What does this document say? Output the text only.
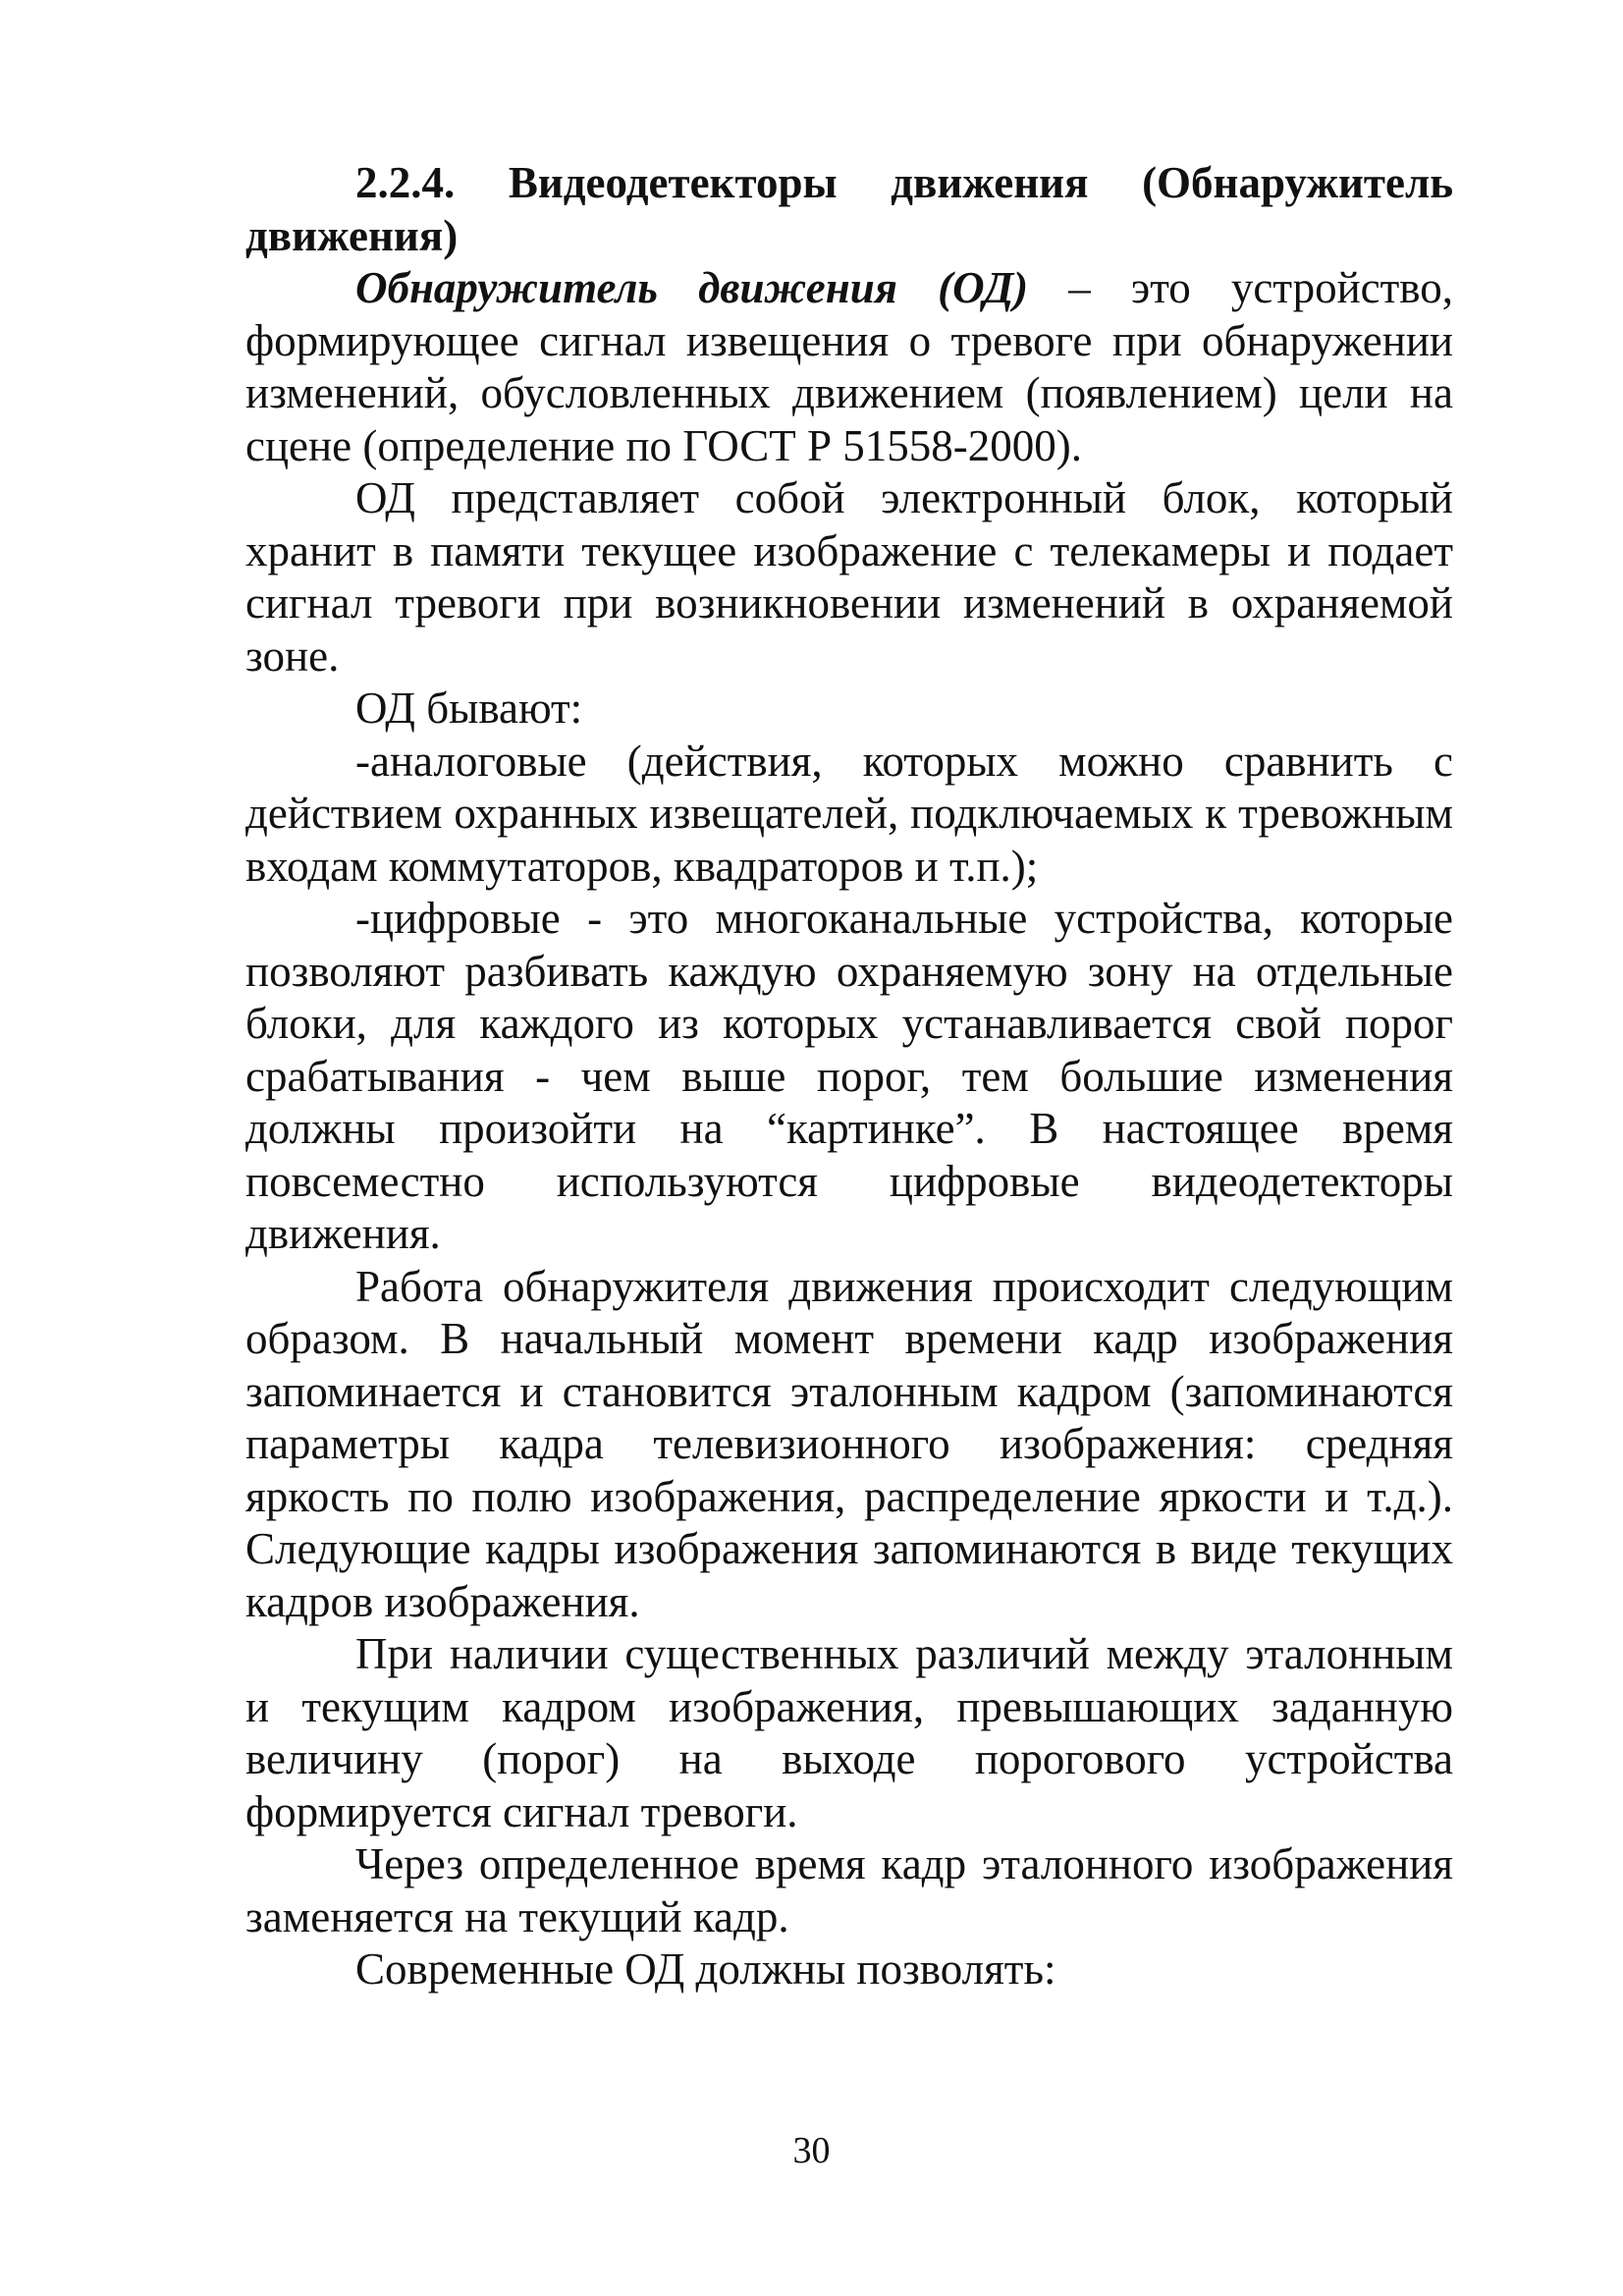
2.2.4. Видеодетекторы движения (Обнаружитель движения)

Обнаружитель движения (ОД) – это устройство, формирующее сигнал извещения о тревоге при обнаружении изменений, обусловленных движением (появлением) цели на сцене (определение по ГОСТ Р 51558-2000).

ОД представляет собой электронный блок, который хранит в памяти текущее изображение с телекамеры и подает сигнал тревоги при возникновении изменений в охраняемой зоне.

ОД бывают:

-аналоговые (действия, которых можно сравнить с действием охранных извещателей, подключаемых к тревожным входам коммутаторов, квадраторов и т.п.);

-цифровые - это многоканальные устройства, которые позволяют разбивать каждую охраняемую зону на отдельные блоки, для каждого из которых устанавливается свой порог срабатывания - чем выше порог, тем большие изменения должны произойти на “картинке”. В настоящее время повсеместно используются цифровые видеодетекторы движения.

Работа обнаружителя движения происходит следующим образом. В начальный момент времени кадр изображения запоминается и становится эталонным кадром (запоминаются параметры кадра телевизионного изображения: средняя яркость по полю изображения, распределение яркости и т.д.). Следующие кадры изображения запоминаются в виде текущих кадров изображения.

При наличии существенных различий между эталонным и текущим кадром изображения, превышающих заданную величину (порог) на выходе порогового устройства формируется сигнал тревоги.

Через определенное время кадр эталонного изображения заменяется на текущий кадр.

Современные ОД должны позволять:

30
